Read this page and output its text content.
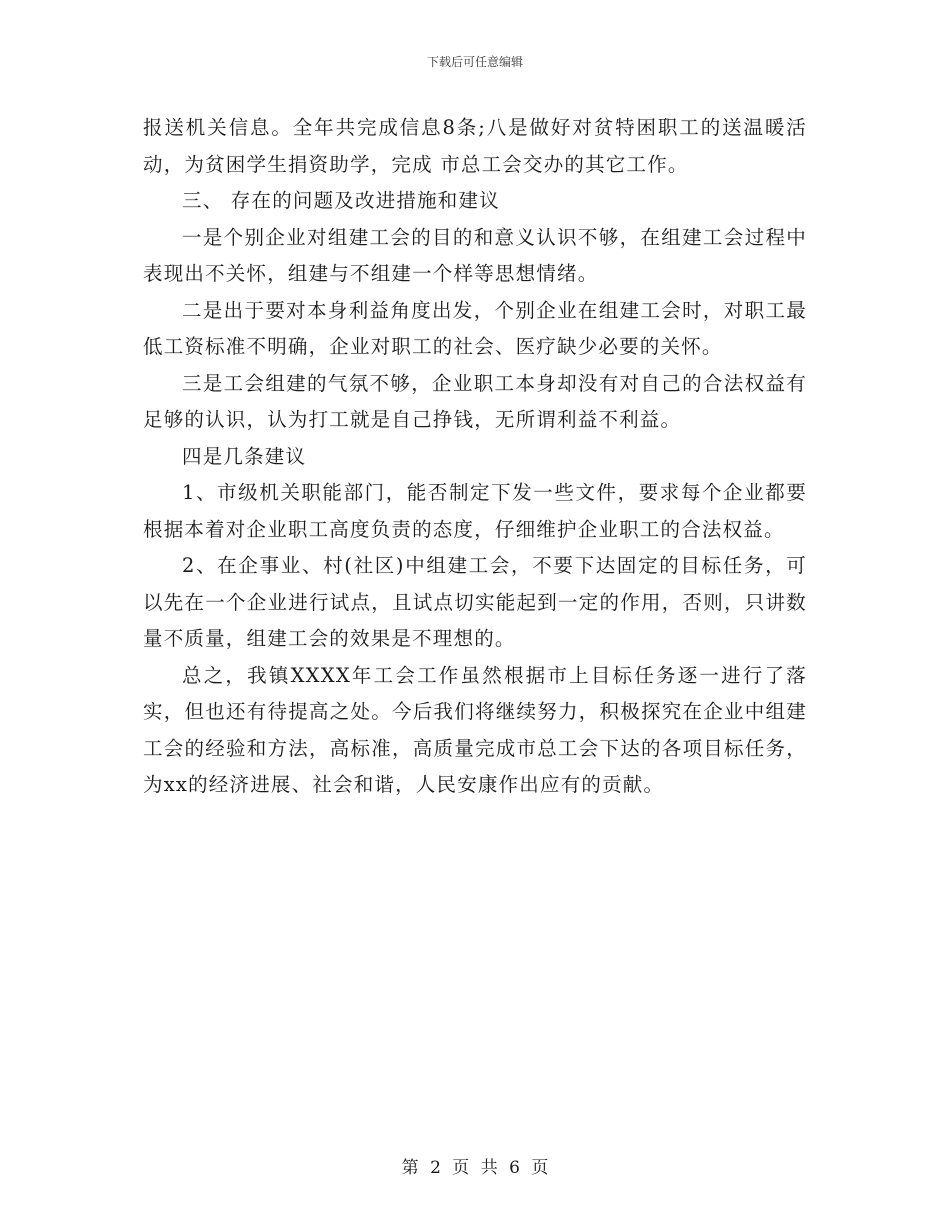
下载后可任意编辑

报送机关信息。全年共完成信息8条;八是做好对贫特困职工的送温暖活动，为贫困学生捐资助学，完成 市总工会交办的其它工作。

三、 存在的问题及改进措施和建议

一是个别企业对组建工会的目的和意义认识不够，在组建工会过程中表现出不关怀，组建与不组建一个样等思想情绪。

二是出于要对本身利益角度出发，个别企业在组建工会时，对职工最低工资标准不明确，企业对职工的社会、医疗缺少必要的关怀。

三是工会组建的气氛不够，企业职工本身却没有对自己的合法权益有足够的认识，认为打工就是自己挣钱，无所谓利益不利益。

四是几条建议

1、市级机关职能部门，能否制定下发一些文件，要求每个企业都要根据本着对企业职工高度负责的态度，仔细维护企业职工的合法权益。

2、在企事业、村(社区)中组建工会，不要下达固定的目标任务，可以先在一个企业进行试点，且试点切实能起到一定的作用，否则，只讲数量不质量，组建工会的效果是不理想的。

总之，我镇XXXX年工会工作虽然根据市上目标任务逐一进行了落实，但也还有待提高之处。今后我们将继续努力，积极探究在企业中组建工会的经验和方法，高标准，高质量完成市总工会下达的各项目标任务，为xx的经济进展、社会和谐，人民安康作出应有的贡献。

第 2 页 共 6 页
